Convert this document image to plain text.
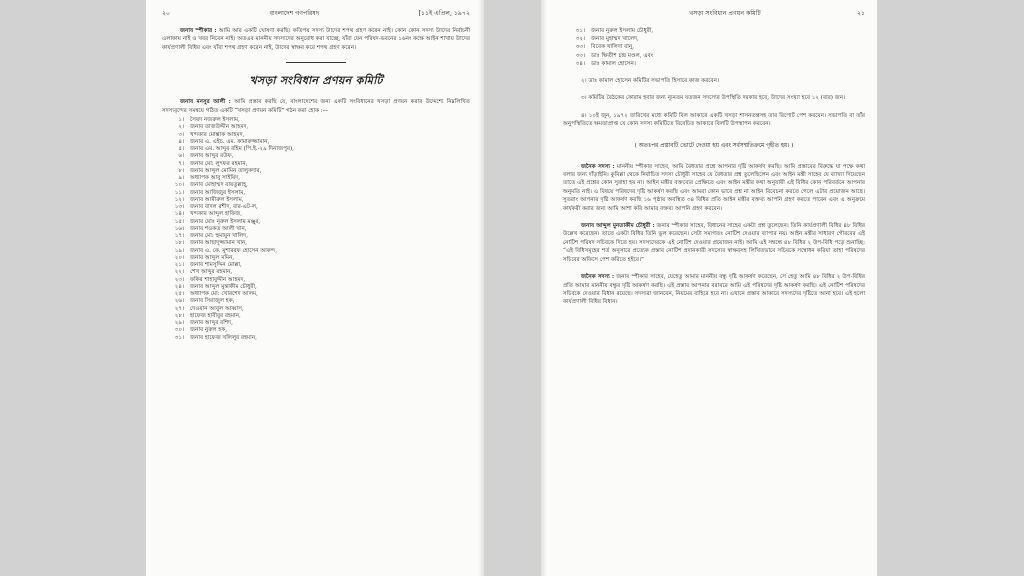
২০	বাংলাদেশ গণপরিষদ	[১১ই এপ্রিল, ১৯৭২

জনাব স্পীকার : আমি আর একটি ঘোষণা করছি। কতিপয় সদস্য উাদের শপথ গ্রহণ করেন নাই। কোন কোন সদস্য উাদের নির্বাচনী এলাকায় নাই ও খবর নিবেন নাই। অতএব মাননীয় সদস্যদের অনুরোধ করা যাচ্ছে, যাঁরা যেন পরিষদ-ভবনের ১৬নং কক্ষে আইন শাখায় উাদের কার্যপ্রণালী বিধির এবং যাঁরা শপথ গ্রহণ করেন নাই, উাদের স্বাক্ষর করে শপথ গ্রহণ করেন।

খসড়া সংবিধান প্রণয়ন কমিটি

জনাব মনসুর আলী : আমি প্রস্তাব করছি যে, বাংলাদেশের জন্য একটি সংবিধানের খসড়া প্রণয়ন করার উদ্দেশ্যে নিম্নলিখিত সদস্যবৃন্দের সমন্বয়ে গঠিত একটি “খসড়া প্রণয়ন কমিটি” গঠন করা হোক :—

১।	সৈয়দ নজরুল ইসলাম,
২।	জনাব তাজউদ্দীন আহমদ,
৩।	খন্দকার মোশ্তাক আহমদ,
৪।	জনাব এ. এইচ. এম. কামারুজ্জামান,
৫।	জনাব এম. আব্দুর রহিম (পি.ই.-২৯ দিনাজপুর),
৬।	জনাব আব্দুর রউফ,
৭।	জনাব মো: লুৎফর রহমান,
৮।	জনাব আব্দুল মোমিন তালুকদার,
৯।	অধ্যাপক আবু সাইয়িদ,
১০।	জনাব মোহাম্মদ বায়তুল্লাহ্,
১১।	জনাব আজিজুর ইসলাম,
১২।	জনাব আমীরুল ইসলাম,
১৩।	জনাব বাদল রশীদ, বার-এট-ল,
১৪।	খন্দকার আব্দুল হাফিজ,
১৫।	জনাব মোঃ নূরুল ইসলাম মঞ্জুর,
১৬।	জনাব শওকত আলী খান,
১৭।	জনাব মো: হুমায়ুন খালিদ,
১৮।	জনাব আছাদুজ্জামান খান,
১৯।	জনাব এ. কে. মুশাররফ হোসেন আকন্দ,
২০।	জনাব আব্দুল মমিন,
২১।	জনাব শামসুদ্দিন মোল্লা,
২২।	শেখ আব্দুর রহমান,
২৩।	ফকির শাহাবুদ্দীন আহমদ,
২৪।	জনাব আব্দুল মুন্তাকীম চৌধুরী,
২৫।	অধ্যাপক মো: খোরশেদ আলম,
২৬।	জনাব সিরাজুল হক,
২৭।	দেওয়ান আবুল আব্বাস,
২৮।	হাফেজ হাবীবুর রহমান,
২৯।	জনাব আব্দুর রশিদ,
৩০।	জনাব নুরুল হক,
৩১।	জনাব হাফেজ খলিলুর রহমান,
খসড়া সংবিধান প্রণয়ন কমিটি	২১
৩১।	জনাব নুরুল ইসলাম চৌধুরী,
৩২।	জনাব মুহাম্মদ খালেদ,
৩৩।	বিবেক খালিদা বানু,
৩৩।	ডাঃ ক্ষিতীশ চন্দ্র মণ্ডল, এবং
৩৪।	ডাঃ কামাল হোসেন।

২। ডাঃ কামাল হোসেন কমিটির সভাপতি হিসাবে কাজ করবেন।

৩। কমিটির বৈঠকের কোরাম হবার জন্য ন্যূনতম যতজন সদস্যের উপস্থিতি দরকার হবে, উাদের সংখ্যা হবে ১২ (বার) জন।

৪। ১০ই জুন, ১৯৭২ তারিখের মধ্যে কমিটি বিল আকারে একটি খসড়া শাসনতন্ত্রসহ তার রিপোর্ট পেশ করবেন। সভাপতি বা তাঁর অনুপস্থিতিতে ক্ষমতাপ্রাপ্ত যে কোন সদস্য কমিটিতে বিবেচিত আকারে বিলটি উপস্থাপন করবেন।

( অতঃপর প্রস্তাবটি ভোটে দেওয়া হয় এবং সর্বসম্মতিক্রমে গৃহীত হয়। )

জনৈক সদস্য : মাননীয় স্পীকার সাহেব, আমি বৈধতার প্রশ্নে আপনার দৃষ্টি আকর্ষণ করছি। আমি প্রস্তাবের বিরুদ্ধে যা পক্ষে কথা বলার জন্য দাঁড়াইনি। কুমিল্লা থেকে নির্বাচিত সদস্য চৌধুরী সাহেব যে বৈধতার প্রশ্ন তুলেছিলেন এবং আইন মন্ত্রী সাহেব যে ব্যাখ্যা দিয়েছেন তাতে এই প্রশ্নের কোন সুরাহা হয় না। আইন মন্ত্রীর বক্তব্যের প্রেক্ষিতে এবং আইন মন্ত্রীর কথা অনুযায়ী এই বিধির কোন পরিবর্তনে আপনার অনুমতি নাই। এ বিষয়ে পরিষদের দৃষ্টি আকর্ষণ করছি এবং আমরা কোন ভাবে প্রশ্ন না আইন বিবেচনা করতে গেলে এটার প্রয়োজন আছে। সুতরাং আপনার দৃষ্টি আকর্ষণ করছি ১৬ পৃষ্ঠায় অবস্থিত ৩৪ বিধির প্রতি আইন মন্ত্রীর বক্তব্য আপনি গ্রহণ করতে পারেন এবং এ অনুক্রমে কার্যকরী করার জন্য আমি আশা করি আমার বক্তব্য আপনি গ্রহণ করবেন।

জনাব আব্দুল মুনতাকীম চৌধুরী : জনাব স্পীকার সাহেব, বিধানের সাহেব একটা প্রশ্ন তুলেছেন। তিনি কার্যপ্রণালী বিধির ৪৮ বিধির উল্লেখ করেছেন। তাতে একটা বিধির তিনি ভুল করেছেন। সেটা সম্যগতঃ নোটিশ দেওয়ার ব্যাপার নয়। আইন মন্ত্রীর সাধারণ গৌরবের এই নোটিশ পরিষদ সচিবকে দিতে হয়। সদস্যদেরকে এই নোটিশ দেওয়ার প্রয়োজন নাই। আমি এই সম্বন্ধে ৪৮ বিধির ২ উপ-বিধি পড়ে শুনাচ্ছি: “এই বিধিসমূহের শর্ত অনুসারে প্রত্যেক প্রস্তাব নোটিশ প্রদানকারী সদস্যের স্বাক্ষরসহ লিখিতভাবে সচিবকে সম্বোধন করিয়া তাহা পরিষদের সচিবের অফিসে পেশ করিতে হইবে।”

জনৈক সদস্য : জনাব স্পীকার সাহেব, যেহেতু আমার মাননীয় বন্ধু দৃষ্টি আকর্ষণ করেছেন, সে হেতু আমি ৪৮ বিধির ২ উপ-বিধির প্রতি আমার মাননীয় বন্ধুর দৃষ্টি আকর্ষণ করছি। এই প্রস্তাব আপনার বরাবরে আমি এই পরিষদের দৃষ্টি আকর্ষণ করছি। এই নোটিশ পরিষদের সচিবকে দেওয়ার বিধান রয়েছে। সদস্যরা জানবেন, নিয়মের বাহিরে হবে না। এখানে প্রস্তাব আকারে সদস্যদের দৃষ্টিতে আনা হবে। এই হলো কার্যপ্রণালী বিধির বিধান।
